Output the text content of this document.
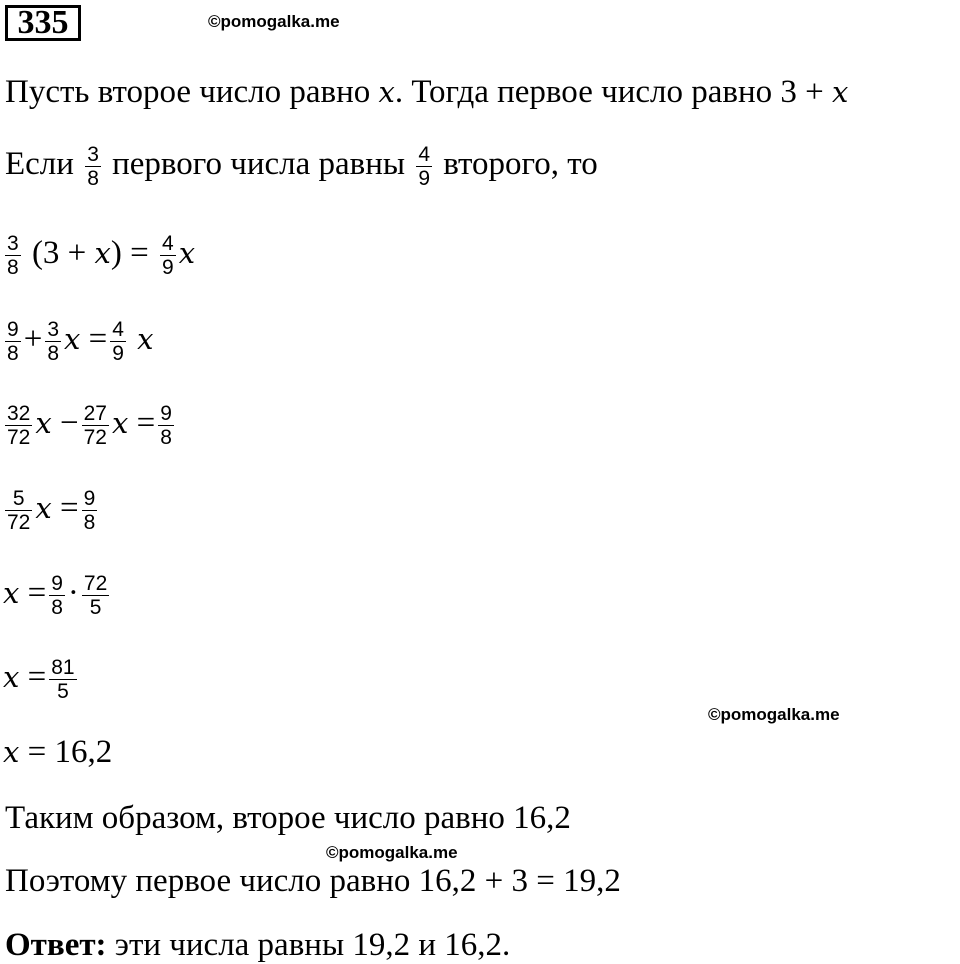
335	©pomogalka.me
Пусть второе число равно x. Тогда первое число равно 3 + x
Если $\frac{3}{8}$ первого числа равны $\frac{4}{9}$ второго, то
$\frac{3}{8} (3 + x) = \frac{4}{9}$ x
$\frac{9}{8} + \frac{3}{8}$ $x = \frac{4}{9}$ x
$\frac{32}{72}$ $x - \frac{27}{72}$ $x = \frac{9}{8}$
$\frac{5}{72}$ $x = \frac{9}{8}$
$x = \frac{9}{8} \cdot \frac{72}{5}$
$x = \frac{81}{5}$
©pomogalka.me
x = 16,2
Таким образом, второе число равно 16,2
©pomogalka.me
Поэтому первое число равно 16,2 + 3 = 19,2
Ответ: эти числа равны 19,2 и 16,2.
